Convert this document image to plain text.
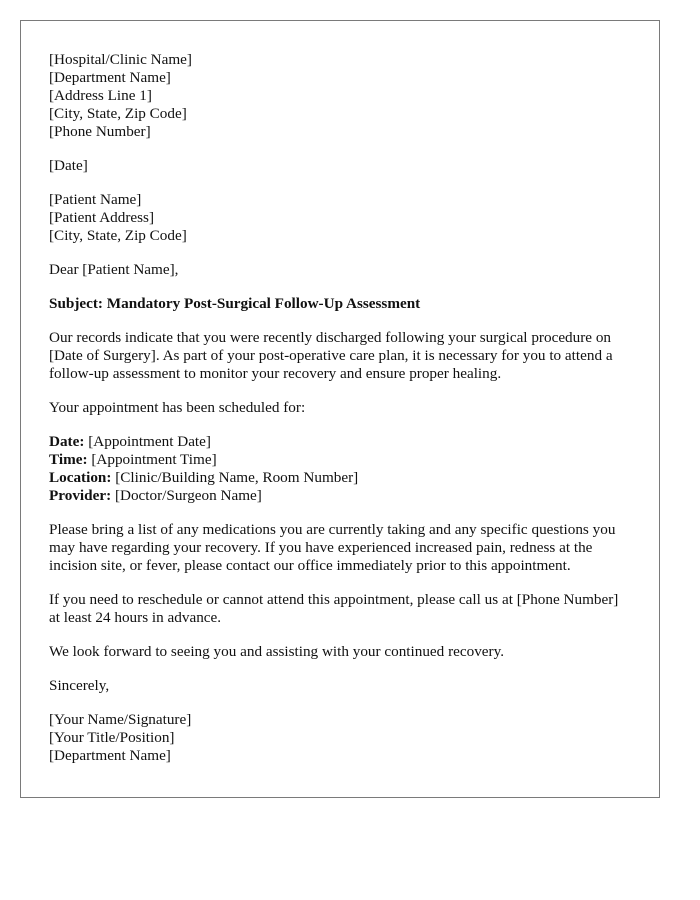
[Hospital/Clinic Name]
[Department Name]
[Address Line 1]
[City, State, Zip Code]
[Phone Number]
[Date]
[Patient Name]
[Patient Address]
[City, State, Zip Code]

Dear [Patient Name],

Subject: Mandatory Post-Surgical Follow-Up Assessment

Our records indicate that you were recently discharged following your surgical procedure on [Date of Surgery]. As part of your post-operative care plan, it is necessary for you to attend a follow-up assessment to monitor your recovery and ensure proper healing.

Your appointment has been scheduled for:

Date: [Appointment Date]
Time: [Appointment Time]
Location: [Clinic/Building Name, Room Number]
Provider: [Doctor/Surgeon Name]

Please bring a list of any medications you are currently taking and any specific questions you may have regarding your recovery. If you have experienced increased pain, redness at the incision site, or fever, please contact our office immediately prior to this appointment.

If you need to reschedule or cannot attend this appointment, please call us at [Phone Number] at least 24 hours in advance.

We look forward to seeing you and assisting with your continued recovery.

Sincerely,

[Your Name/Signature]
[Your Title/Position]
[Department Name]
